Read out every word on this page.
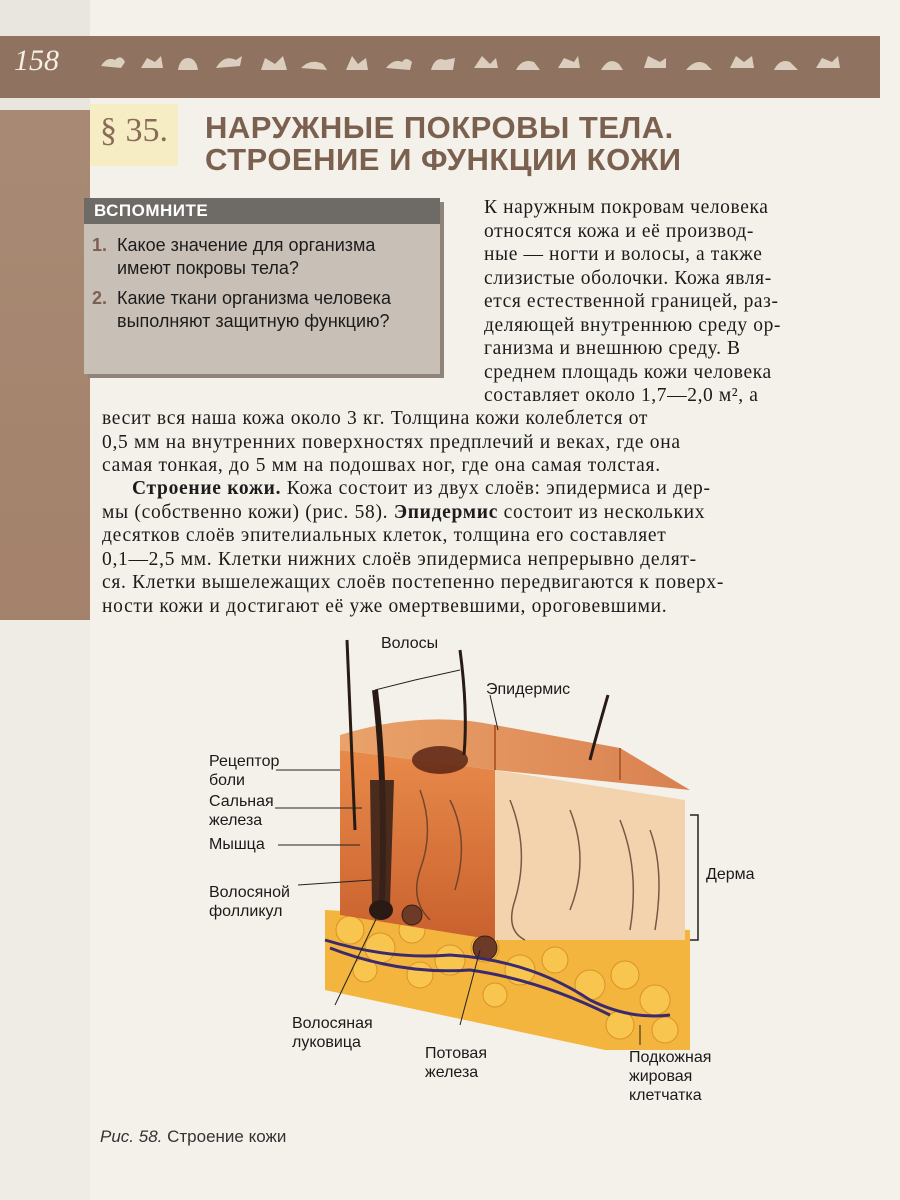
158
§ 35. НАРУЖНЫЕ ПОКРОВЫ ТЕЛА.
СТРОЕНИЕ И ФУНКЦИИ КОЖИ
ВСПОМНИТЕ
1. Какое значение для организма имеют покровы тела?
2. Какие ткани организма человека выполняют защитную функцию?
К наружным покровам человека
относятся кожа и её производ-
ные — ногти и волосы, а также
слизистые оболочки. Кожа явля-
ется естественной границей, раз-
деляющей внутреннюю среду ор-
ганизма и внешнюю среду. В
среднем площадь кожи человека
составляет около 1,7—2,0 м², а
весит вся наша кожа около 3 кг. Толщина кожи колеблется от
0,5 мм на внутренних поверхностях предплечий и веках, где она
самая тонкая, до 5 мм на подошвах ног, где она самая толстая.
Строение кожи. Кожа состоит из двух слоёв: эпидермиса и дер-
мы (собственно кожи) (рис. 58). Эпидермис состоит из нескольких
десятков слоёв эпителиальных клеток, толщина его составляет
0,1—2,5 мм. Клетки нижних слоёв эпидермиса непрерывно делят-
ся. Клетки вышележащих слоёв постепенно передвигаются к поверх-
ности кожи и достигают её уже омертвевшими, ороговевшими.
Волосы
Эпидермис
Рецептор боли
Сальная железа
Мышца
Волосяной фолликул
Дерма
Волосяная луковица
Потовая железа
Подкожная жировая клетчатка
Рис. 58. Строение кожи
